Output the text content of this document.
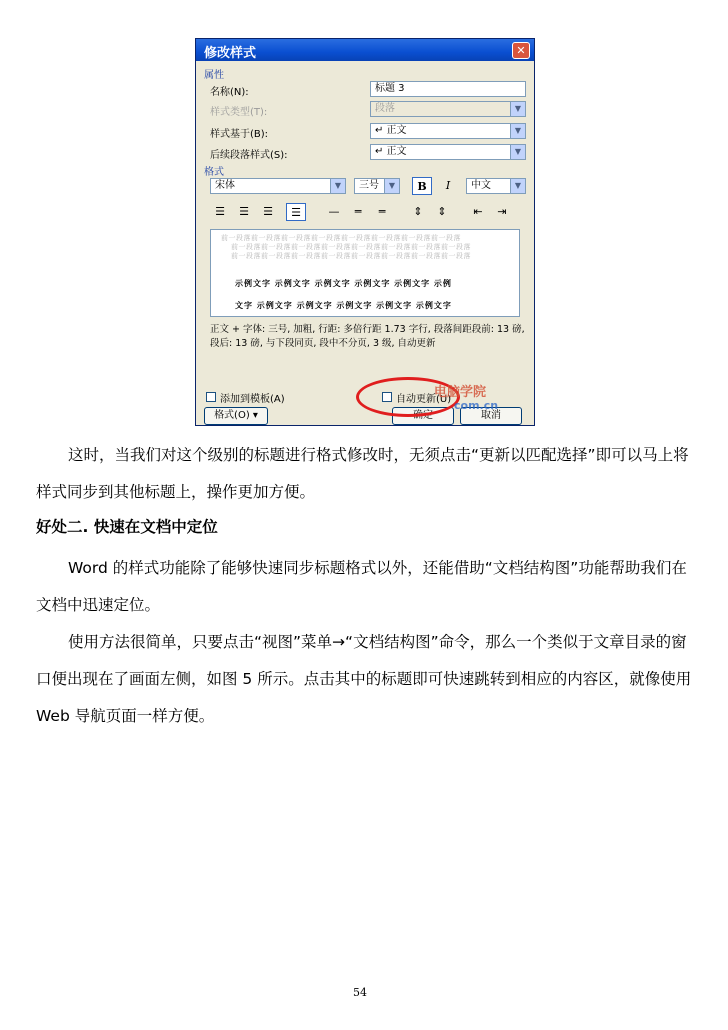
修改样式	✕
属性
名称(N):	标题 3
样式类型(T):	段落	▼
样式基于(B):	↵ 正文	▼
后续段落样式(S):	↵ 正文	▼
格式
宋体	▼	三号	▼	B	I	中文	▼
☰	☰	☰	☰	—	═	═	⇕	⇕	⇤	⇥
前一段落前一段落前一段落前一段落前一段落前一段落前一段落前一段落
前一段落前一段落前一段落前一段落前一段落前一段落前一段落前一段落
前一段落前一段落前一段落前一段落前一段落前一段落前一段落前一段落
示例文字 示例文字 示例文字 示例文字 示例文字 示例
文字 示例文字 示例文字 示例文字 示例文字 示例文字
正文 + 字体: 三号, 加粗, 行距: 多倍行距 1.73 字行, 段落间距段前: 13 磅, 段后: 13 磅, 与下段同页, 段中不分页, 3 级, 自动更新
添加到模板(A)	自动更新(U)
格式(O) ▾	确定	取消
电脑学院
com.cn
这时，当我们对这个级别的标题进行格式修改时，无须点击“更新以匹配选择”即可以马上将样式同步到其他标题上，操作更加方便。
好处二. 快速在文档中定位
Word 的样式功能除了能够快速同步标题格式以外，还能借助“文档结构图”功能帮助我们在文档中迅速定位。
使用方法很简单，只要点击“视图”菜单→“文档结构图”命令，那么一个类似于文章目录的窗口便出现在了画面左侧，如图 5 所示。点击其中的标题即可快速跳转到相应的内容区，就像使用 Web 导航页面一样方便。
54
